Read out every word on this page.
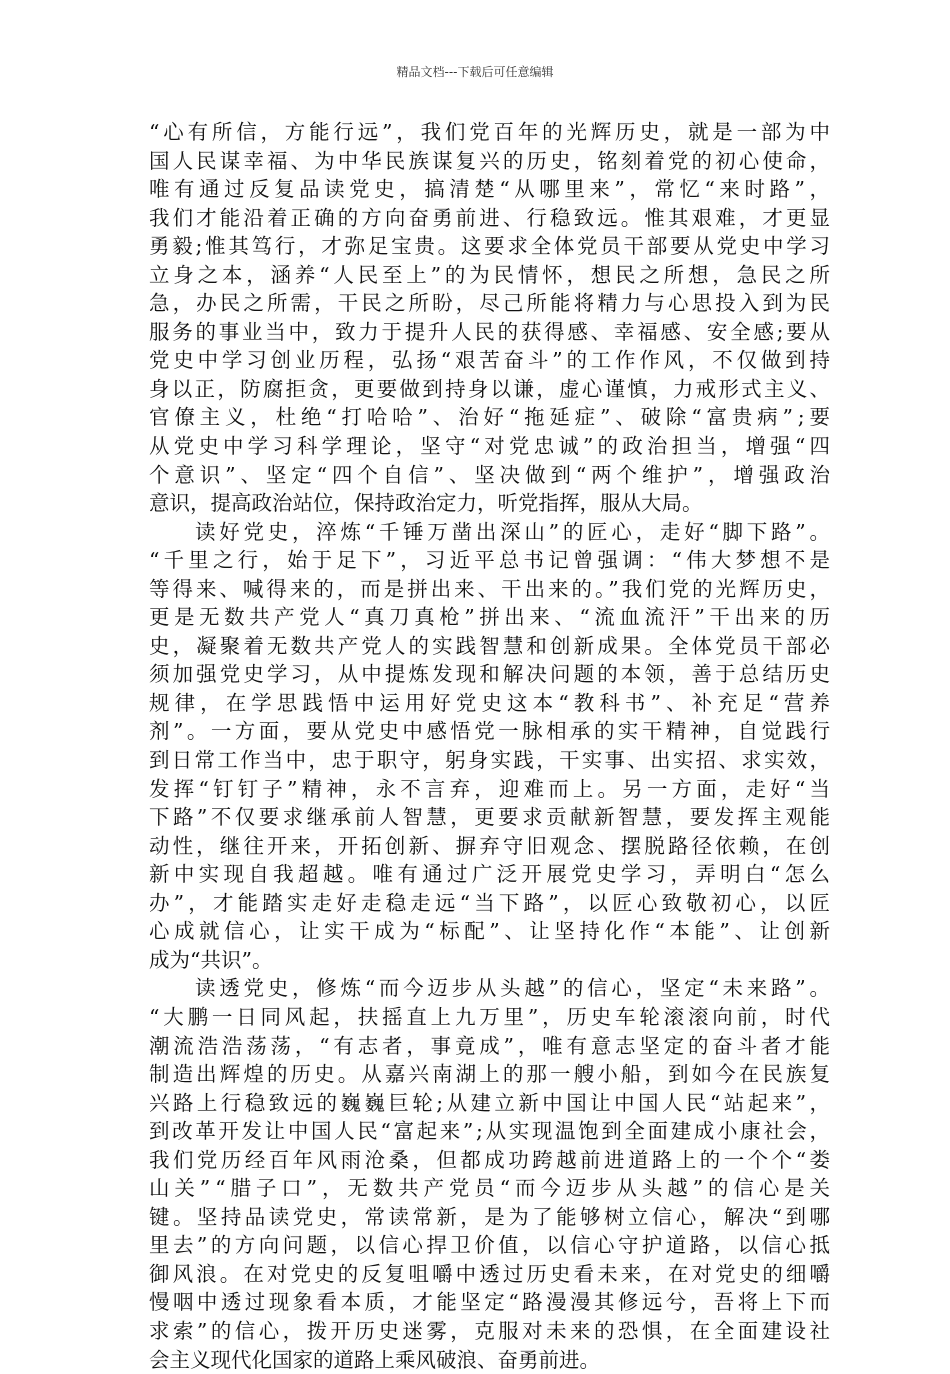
精品文档---下载后可任意编辑
“心有所信，方能行远”，我们党百年的光辉历史，就是一部为中
国人民谋幸福、为中华民族谋复兴的历史，铭刻着党的初心使命，
唯有通过反复品读党史，搞清楚“从哪里来”，常忆“来时路”，
我们才能沿着正确的方向奋勇前进、行稳致远。惟其艰难，才更显
勇毅;惟其笃行，才弥足宝贵。这要求全体党员干部要从党史中学习
立身之本，涵养“人民至上”的为民情怀，想民之所想，急民之所
急，办民之所需，干民之所盼，尽己所能将精力与心思投入到为民
服务的事业当中，致力于提升人民的获得感、幸福感、安全感;要从
党史中学习创业历程，弘扬“艰苦奋斗”的工作作风，不仅做到持
身以正，防腐拒贪，更要做到持身以谦，虚心谨慎，力戒形式主义、
官僚主义，杜绝“打哈哈”、治好“拖延症”、破除“富贵病”;要
从党史中学习科学理论，坚守“对党忠诚”的政治担当，增强“四
个意识”、坚定“四个自信”、坚决做到“两个维护”，增强政治
意识，提高政治站位，保持政治定力，听党指挥，服从大局。
读好党史，淬炼“千锤万凿出深山”的匠心，走好“脚下路”。
“千里之行，始于足下”，习近平总书记曾强调：“伟大梦想不是
等得来、喊得来的，而是拼出来、干出来的。”我们党的光辉历史，
更是无数共产党人“真刀真枪”拼出来、“流血流汗”干出来的历
史，凝聚着无数共产党人的实践智慧和创新成果。全体党员干部必
须加强党史学习，从中提炼发现和解决问题的本领，善于总结历史
规律，在学思践悟中运用好党史这本“教科书”、补充足“营养
剂”。一方面，要从党史中感悟党一脉相承的实干精神，自觉践行
到日常工作当中，忠于职守，躬身实践，干实事、出实招、求实效，
发挥“钉钉子”精神，永不言弃，迎难而上。另一方面，走好“当
下路”不仅要求继承前人智慧，更要求贡献新智慧，要发挥主观能
动性，继往开来，开拓创新、摒弃守旧观念、摆脱路径依赖，在创
新中实现自我超越。唯有通过广泛开展党史学习，弄明白“怎么
办”，才能踏实走好走稳走远“当下路”，以匠心致敬初心，以匠
心成就信心，让实干成为“标配”、让坚持化作“本能”、让创新
成为“共识”。
读透党史，修炼“而今迈步从头越”的信心，坚定“未来路”。
“大鹏一日同风起，扶摇直上九万里”，历史车轮滚滚向前，时代
潮流浩浩荡荡，“有志者，事竟成”，唯有意志坚定的奋斗者才能
制造出辉煌的历史。从嘉兴南湖上的那一艘小船，到如今在民族复
兴路上行稳致远的巍巍巨轮;从建立新中国让中国人民“站起来”，
到改革开发让中国人民“富起来”;从实现温饱到全面建成小康社会，
我们党历经百年风雨沧桑，但都成功跨越前进道路上的一个个“娄
山关”“腊子口”，无数共产党员“而今迈步从头越”的信心是关
键。坚持品读党史，常读常新，是为了能够树立信心，解决“到哪
里去”的方向问题，以信心捍卫价值，以信心守护道路，以信心抵
御风浪。在对党史的反复咀嚼中透过历史看未来，在对党史的细嚼
慢咽中透过现象看本质，才能坚定“路漫漫其修远兮，吾将上下而
求索”的信心，拨开历史迷雾，克服对未来的恐惧，在全面建设社
会主义现代化国家的道路上乘风破浪、奋勇前进。
